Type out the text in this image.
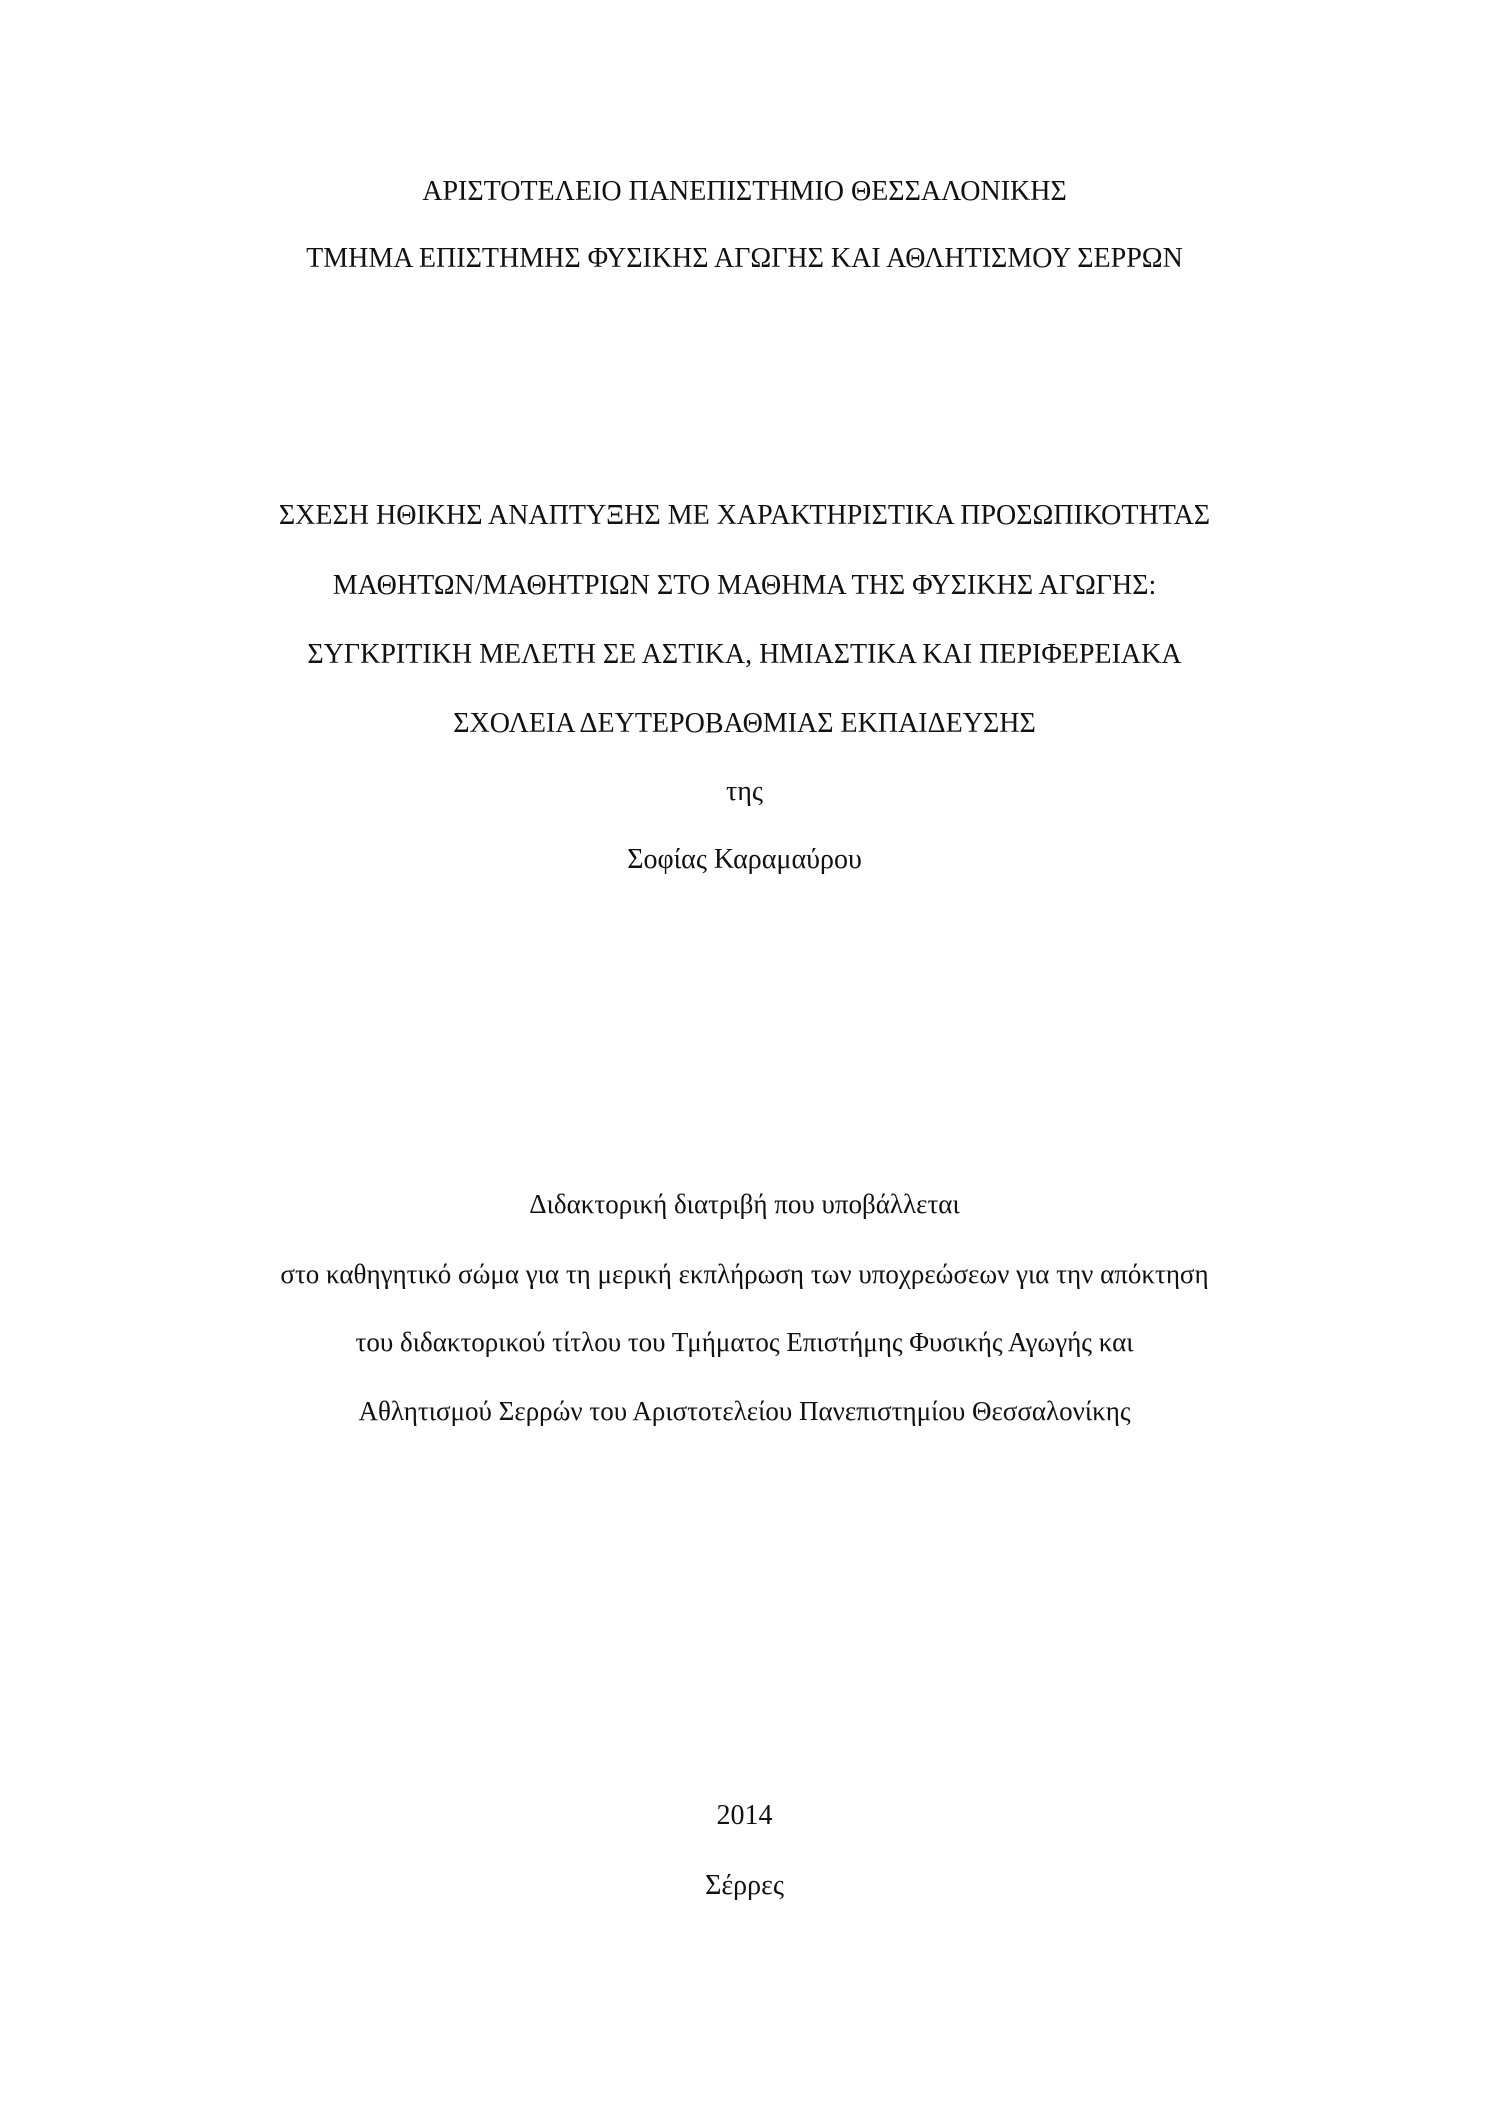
ΑΡΙΣΤΟΤΕΛΕΙΟ ΠΑΝΕΠΙΣΤΗΜΙΟ ΘΕΣΣΑΛΟΝΙΚΗΣ
ΤΜΗΜΑ ΕΠΙΣΤΗΜΗΣ ΦΥΣΙΚΗΣ ΑΓΩΓΗΣ ΚΑΙ ΑΘΛΗΤΙΣΜΟΥ ΣΕΡΡΩΝ
ΣΧΕΣΗ ΗΘΙΚΗΣ ΑΝΑΠΤΥΞΗΣ ΜΕ ΧΑΡΑΚΤΗΡΙΣΤΙΚΑ ΠΡΟΣΩΠΙΚΟΤΗΤΑΣ
ΜΑΘΗΤΩΝ/ΜΑΘΗΤΡΙΩΝ ΣΤΟ ΜΑΘΗΜΑ ΤΗΣ ΦΥΣΙΚΗΣ ΑΓΩΓΗΣ:
ΣΥΓΚΡΙΤΙΚΗ ΜΕΛΕΤΗ ΣΕ ΑΣΤΙΚΑ, ΗΜΙΑΣΤΙΚΑ ΚΑΙ ΠΕΡΙΦΕΡΕΙΑΚΑ
ΣΧΟΛΕΙΑ ΔΕΥΤΕΡΟΒΑΘΜΙΑΣ ΕΚΠΑΙΔΕΥΣΗΣ
της
Σοφίας Καραμαύρου
Διδακτορική διατριβή που υποβάλλεται
στο καθηγητικό σώμα για τη μερική εκπλήρωση των υποχρεώσεων για την απόκτηση
του διδακτορικού τίτλου του Τμήματος Επιστήμης Φυσικής Αγωγής και
Αθλητισμού Σερρών του Αριστοτελείου Πανεπιστημίου Θεσσαλονίκης
2014
Σέρρες
